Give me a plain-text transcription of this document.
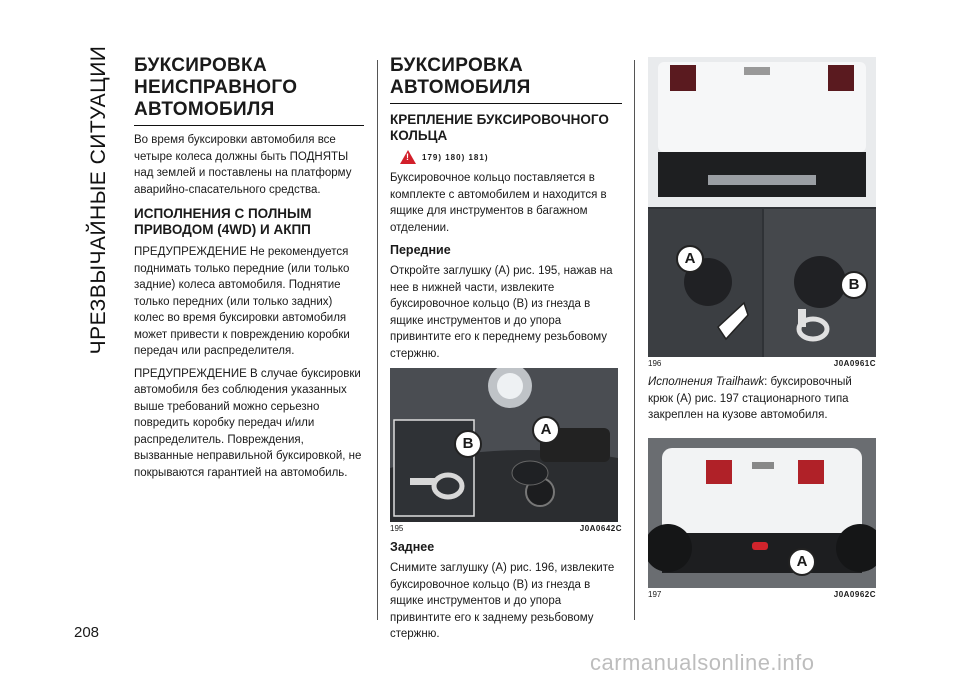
ЧРЕЗВЫЧАЙНЫЕ СИТУАЦИИ
208
БУКСИРОВКА НЕИСПРАВНОГО АВТОМОБИЛЯ

Во время буксировки автомобиля все четыре колеса должны быть ПОДНЯТЫ над землей и поставлены на платформу аварийно-спасательного средства.

ИСПОЛНЕНИЯ С ПОЛНЫМ ПРИВОДОМ (4WD) И АКПП

ПРЕДУПРЕЖДЕНИЕ Не рекомендуется поднимать только передние (или только задние) колеса автомобиля. Поднятие только передних (или только задних) колес во время буксировки автомобиля может привести к повреждению коробки передач или распределителя.

ПРЕДУПРЕЖДЕНИЕ В случае буксировки автомобиля без соблюдения указанных выше требований можно серьезно повредить коробку передач и/или распределитель. Повреждения, вызванные неправильной буксировкой, не покрываются гарантией на автомобиль.

БУКСИРОВКА АВТОМОБИЛЯ
КРЕПЛЕНИЕ БУКСИРОВОЧНОГО КОЛЬЦА
!
179) 180) 181)

Буксировочное кольцо поставляется в комплекте с автомобилем и находится в ящике для инструментов в багажном отделении.

Передние

Откройте заглушку (A) рис. 195, нажав на нее в нижней части, извлеките буксировочное кольцо (B) из гнезда в ящике инструментов и до упора привинтите его к переднему резьбовому стержню.

B
A
195	J0A0642C
Заднее

Снимите заглушку (A) рис. 196, извлеките буксировочное кольцо (B) из гнезда в ящике инструментов и до упора привинтите его к заднему резьбовому стержню.

A
B
196	J0A0961C

Исполнения Trailhawk: буксировочный крюк (A) рис. 197 стационарного типа закреплен на кузове автомобиля.

A
197	J0A0962C
carmanualsonline.info
